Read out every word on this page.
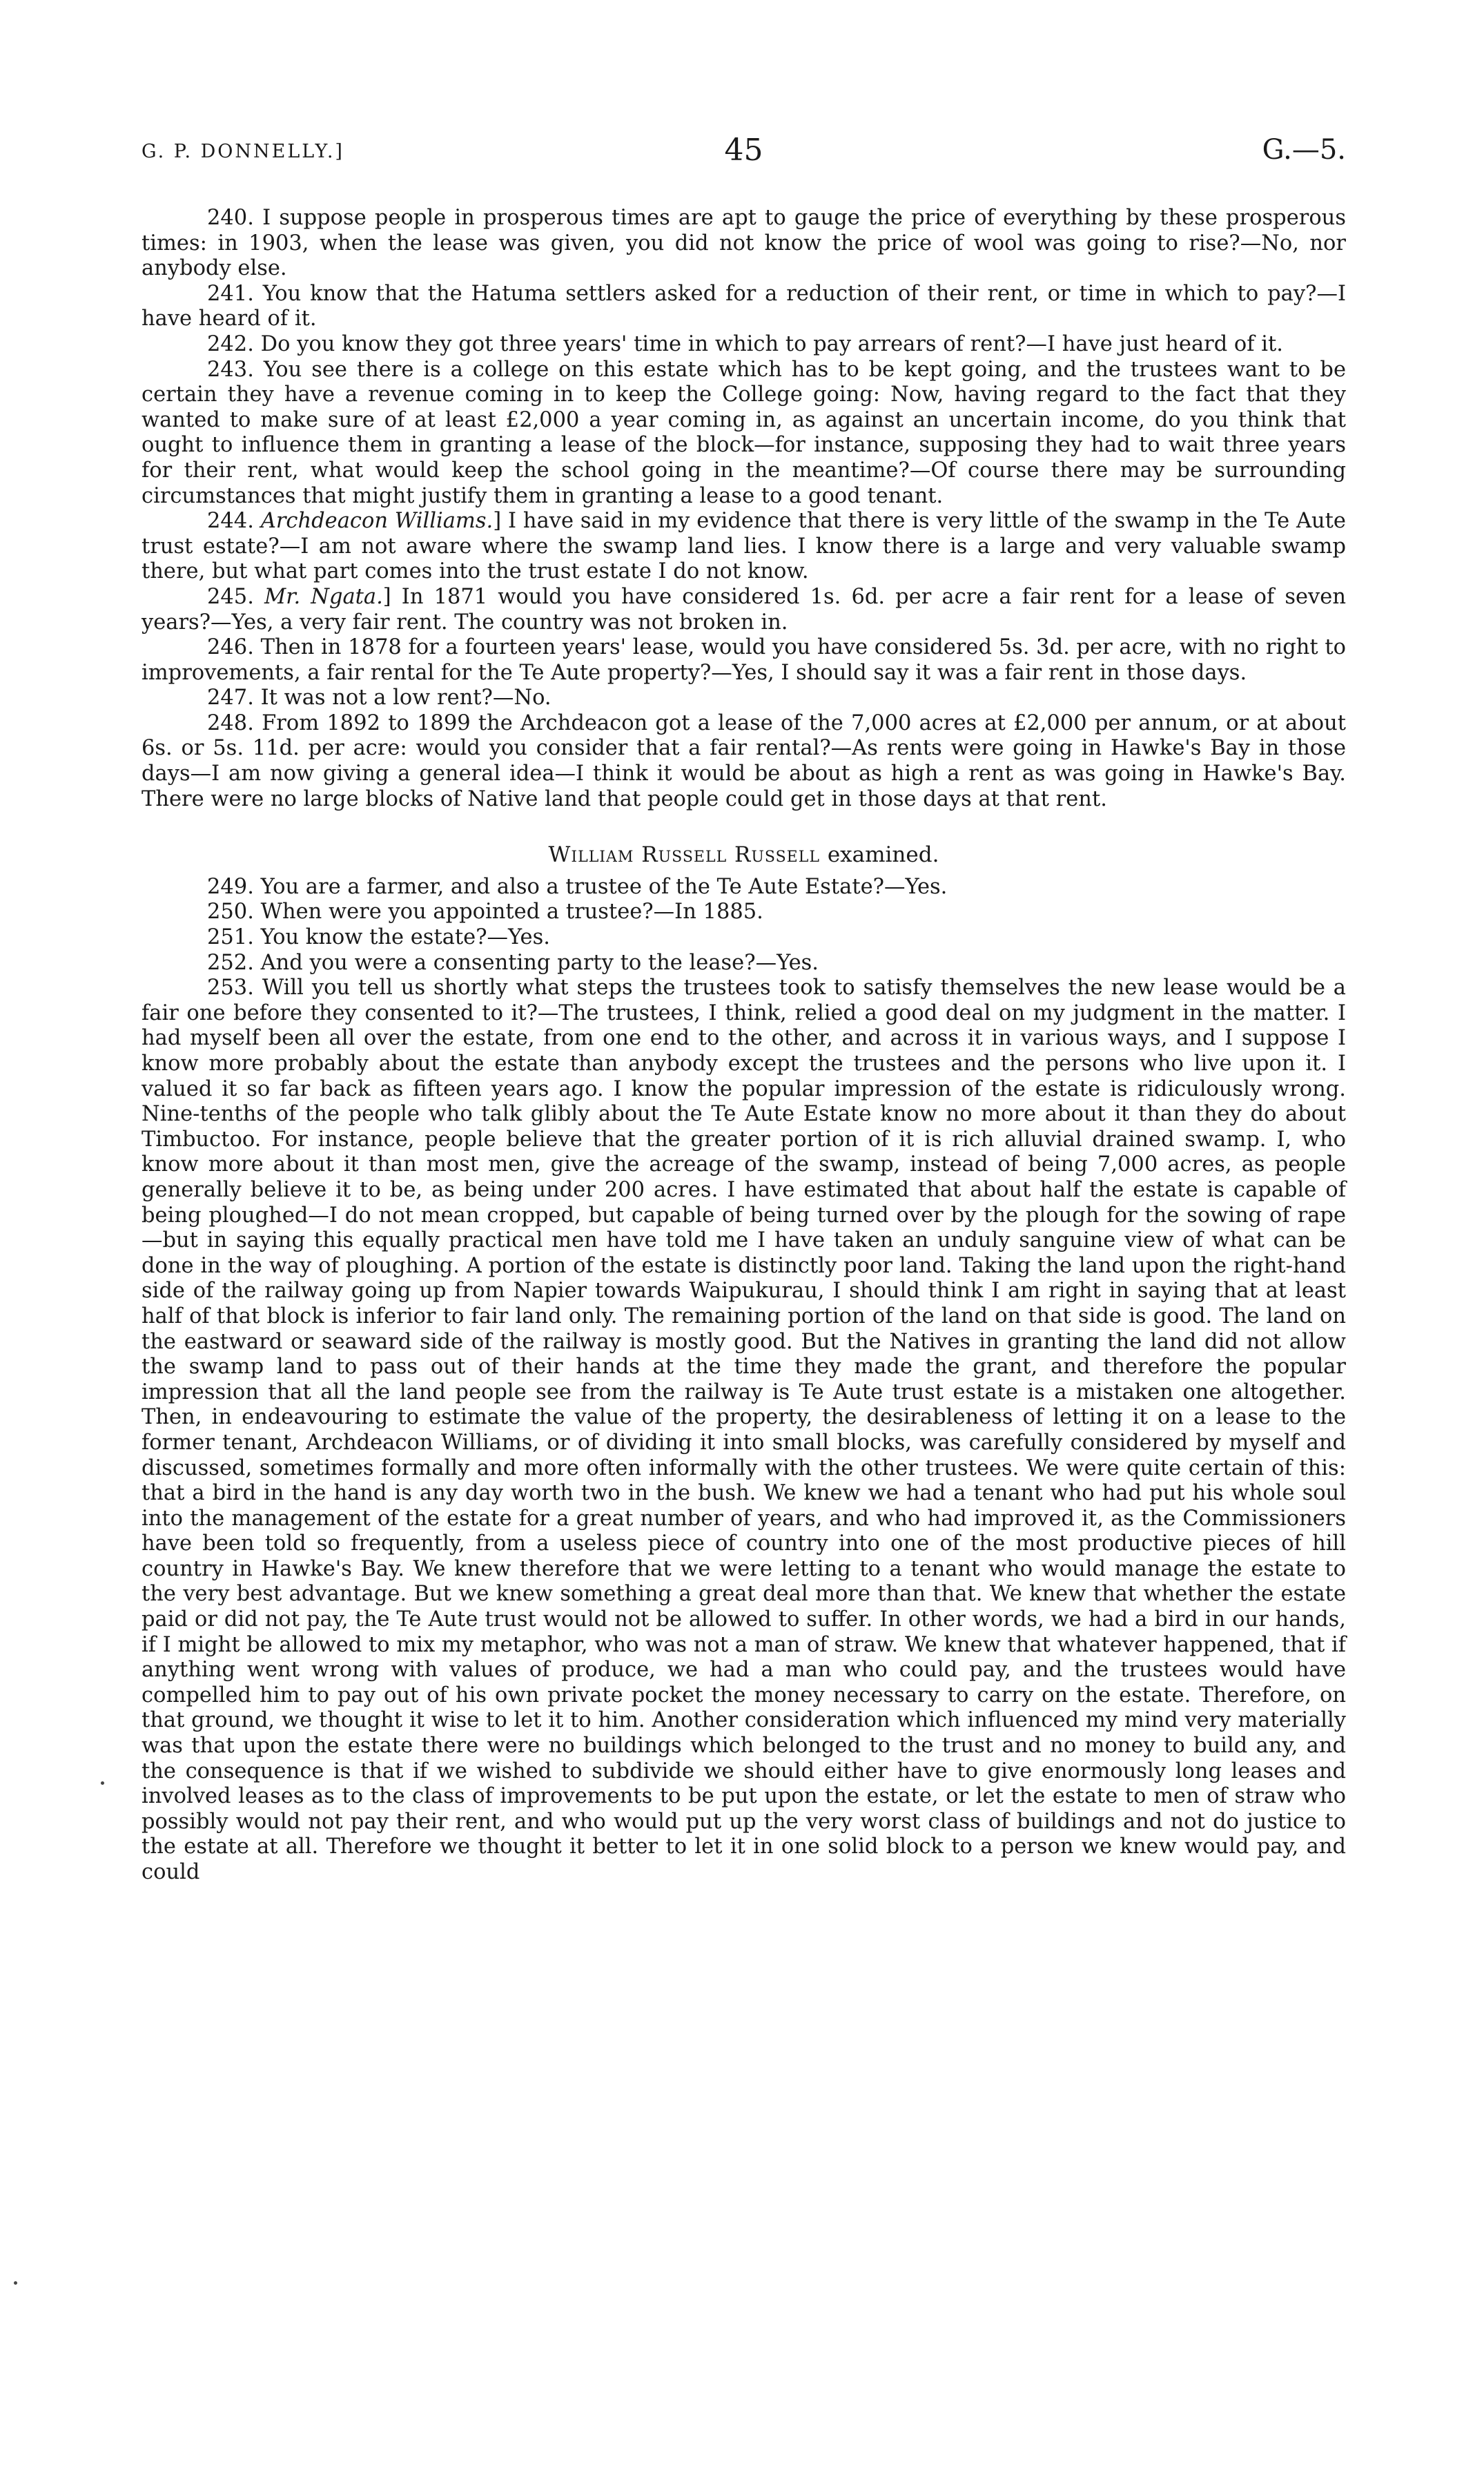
G. P. DONNELLY.]	45	G.—5.

240. I suppose people in prosperous times are apt to gauge the price of everything by these prosperous times: in 1903, when the lease was given, you did not know the price of wool was going to rise?—No, nor anybody else.

241. You know that the Hatuma settlers asked for a reduction of their rent, or time in which to pay?—I have heard of it.

242. Do you know they got three years' time in which to pay arrears of rent?—I have just heard of it.

243. You see there is a college on this estate which has to be kept going, and the trustees want to be certain they have a revenue coming in to keep the College going: Now, having regard to the fact that they wanted to make sure of at least £2,000 a year coming in, as against an uncertain income, do you think that ought to influence them in granting a lease of the block—for instance, supposing they had to wait three years for their rent, what would keep the school going in the meantime?—Of course there may be surrounding circumstances that might justify them in granting a lease to a good tenant.

244. Archdeacon Williams.] I have said in my evidence that there is very little of the swamp in the Te Aute trust estate?—I am not aware where the swamp land lies. I know there is a large and very valuable swamp there, but what part comes into the trust estate I do not know.

245. Mr. Ngata.] In 1871 would you have considered 1s. 6d. per acre a fair rent for a lease of seven years?—Yes, a very fair rent. The country was not broken in.

246. Then in 1878 for a fourteen years' lease, would you have considered 5s. 3d. per acre, with no right to improvements, a fair rental for the Te Aute property?—Yes, I should say it was a fair rent in those days.

247. It was not a low rent?—No.

248. From 1892 to 1899 the Archdeacon got a lease of the 7,000 acres at £2,000 per annum, or at about 6s. or 5s. 11d. per acre: would you consider that a fair rental?—As rents were going in Hawke's Bay in those days—I am now giving a general idea—I think it would be about as high a rent as was going in Hawke's Bay. There were no large blocks of Native land that people could get in those days at that rent.

William Russell Russell examined.

249. You are a farmer, and also a trustee of the Te Aute Estate?—Yes.

250. When were you appointed a trustee?—In 1885.

251. You know the estate?—Yes.

252. And you were a consenting party to the lease?—Yes.

253. Will you tell us shortly what steps the trustees took to satisfy themselves the new lease would be a fair one before they consented to it?—The trustees, I think, relied a good deal on my judgment in the matter. I had myself been all over the estate, from one end to the other, and across it in various ways, and I suppose I know more probably about the estate than anybody except the trustees and the persons who live upon it. I valued it so far back as fifteen years ago. I know the popular impression of the estate is ridiculously wrong. Nine-tenths of the people who talk glibly about the Te Aute Estate know no more about it than they do about Timbuctoo. For instance, people believe that the greater portion of it is rich alluvial drained swamp. I, who know more about it than most men, give the acreage of the swamp, instead of being 7,000 acres, as people generally believe it to be, as being under 200 acres. I have estimated that about half the estate is capable of being ploughed—I do not mean cropped, but capable of being turned over by the plough for the sowing of rape—but in saying this equally practical men have told me I have taken an unduly sanguine view of what can be done in the way of ploughing. A portion of the estate is distinctly poor land. Taking the land upon the right-hand side of the railway going up from Napier towards Waipukurau, I should think I am right in saying that at least half of that block is inferior to fair land only. The remaining portion of the land on that side is good. The land on the eastward or seaward side of the railway is mostly good. But the Natives in granting the land did not allow the swamp land to pass out of their hands at the time they made the grant, and therefore the popular impression that all the land people see from the railway is Te Aute trust estate is a mistaken one altogether. Then, in endeavouring to estimate the value of the property, the desirableness of letting it on a lease to the former tenant, Archdeacon Williams, or of dividing it into small blocks, was carefully considered by myself and discussed, sometimes formally and more often informally with the other trustees. We were quite certain of this: that a bird in the hand is any day worth two in the bush. We knew we had a tenant who had put his whole soul into the management of the estate for a great number of years, and who had improved it, as the Commissioners have been told so frequently, from a useless piece of country into one of the most productive pieces of hill country in Hawke's Bay. We knew therefore that we were letting to a tenant who would manage the estate to the very best advantage. But we knew something a great deal more than that. We knew that whether the estate paid or did not pay, the Te Aute trust would not be allowed to suffer. In other words, we had a bird in our hands, if I might be allowed to mix my metaphor, who was not a man of straw. We knew that whatever happened, that if anything went wrong with values of produce, we had a man who could pay, and the trustees would have compelled him to pay out of his own private pocket the money necessary to carry on the estate. Therefore, on that ground, we thought it wise to let it to him. Another consideration which influenced my mind very materially was that upon the estate there were no buildings which belonged to the trust and no money to build any, and the consequence is that if we wished to subdivide we should either have to give enormously long leases and involved leases as to the class of improvements to be put upon the estate, or let the estate to men of straw who possibly would not pay their rent, and who would put up the very worst class of buildings and not do justice to the estate at all. Therefore we thought it better to let it in one solid block to a person we knew would pay, and could
